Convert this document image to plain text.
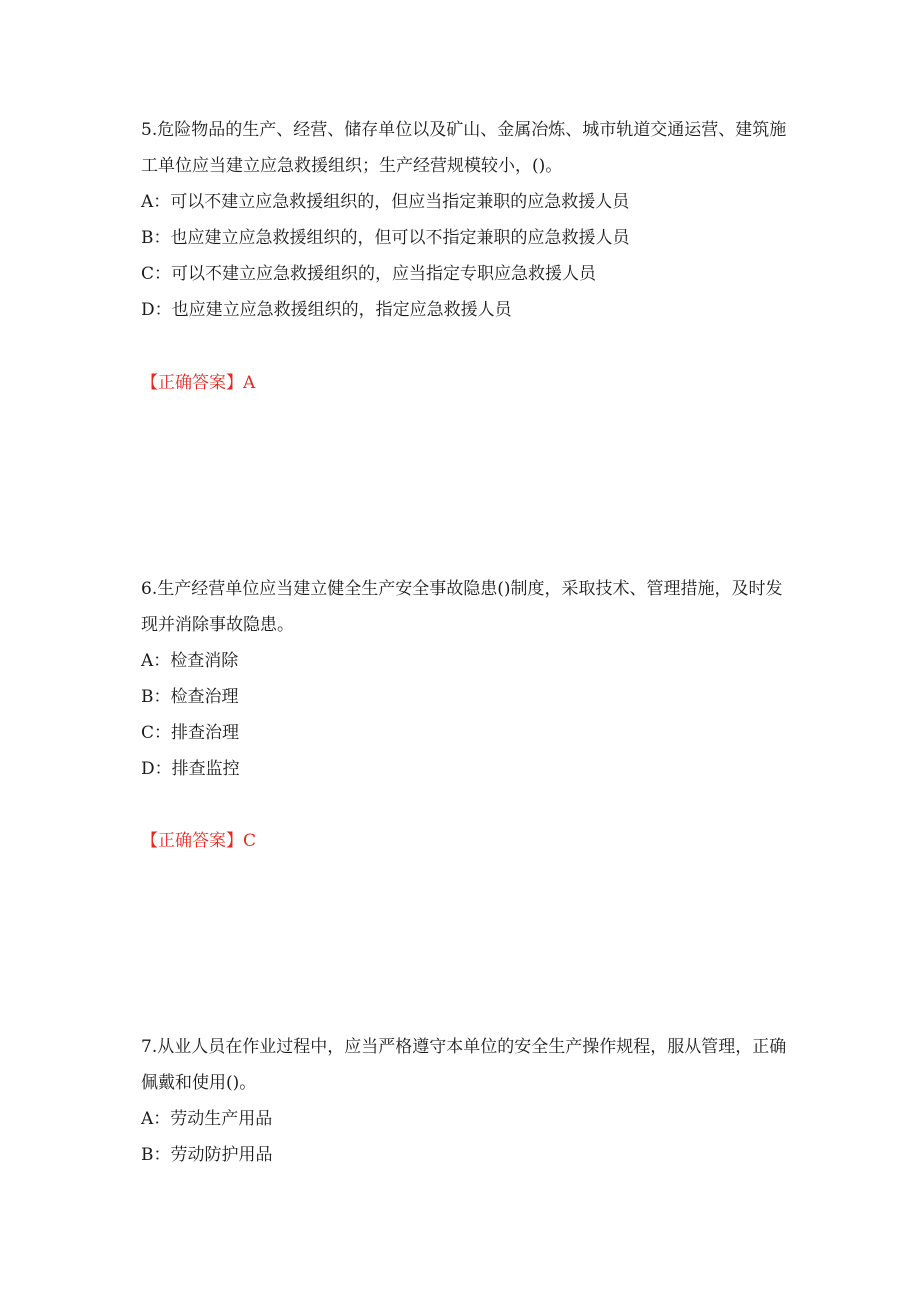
5.危险物品的生产、经营、储存单位以及矿山、金属冶炼、城市轨道交通运营、建筑施工单位应当建立应急救援组织；生产经营规模较小，()。

A：可以不建立应急救援组织的，但应当指定兼职的应急救援人员

B：也应建立应急救援组织的，但可以不指定兼职的应急救援人员

C：可以不建立应急救援组织的，应当指定专职应急救援人员

D：也应建立应急救援组织的，指定应急救援人员

【正确答案】A

6.生产经营单位应当建立健全生产安全事故隐患()制度，采取技术、管理措施，及时发现并消除事故隐患。

A：检查消除

B：检查治理

C：排查治理

D：排查监控

【正确答案】C

7.从业人员在作业过程中，应当严格遵守本单位的安全生产操作规程，服从管理，正确佩戴和使用()。

A：劳动生产用品

B：劳动防护用品
